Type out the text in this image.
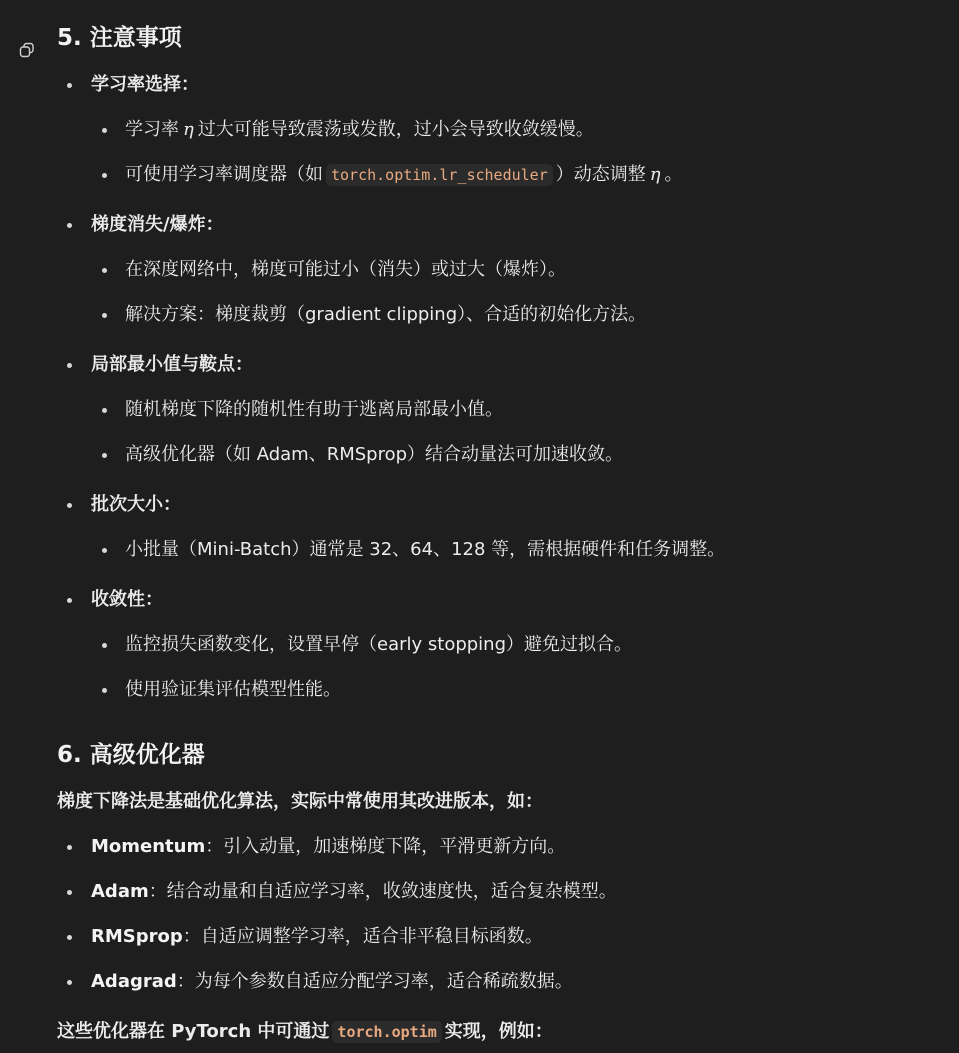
5. 注意事项
学习率选择：
学习率 η 过大可能导致震荡或发散，过小会导致收敛缓慢。
可使用学习率调度器（如 torch.optim.lr_scheduler ）动态调整 η 。
梯度消失/爆炸：
在深度网络中，梯度可能过小（消失）或过大（爆炸）。
解决方案：梯度裁剪（gradient clipping）、合适的初始化方法。
局部最小值与鞍点：
随机梯度下降的随机性有助于逃离局部最小值。
高级优化器（如 Adam、RMSprop）结合动量法可加速收敛。
批次大小：
小批量（Mini-Batch）通常是 32、64、128 等，需根据硬件和任务调整。
收敛性：
监控损失函数变化，设置早停（early stopping）避免过拟合。
使用验证集评估模型性能。
6. 高级优化器
梯度下降法是基础优化算法，实际中常使用其改进版本，如：
Momentum：引入动量，加速梯度下降，平滑更新方向。
Adam：结合动量和自适应学习率，收敛速度快，适合复杂模型。
RMSprop：自适应调整学习率，适合非平稳目标函数。
Adagrad：为每个参数自适应分配学习率，适合稀疏数据。
这些优化器在 PyTorch 中可通过 torch.optim 实现，例如：
